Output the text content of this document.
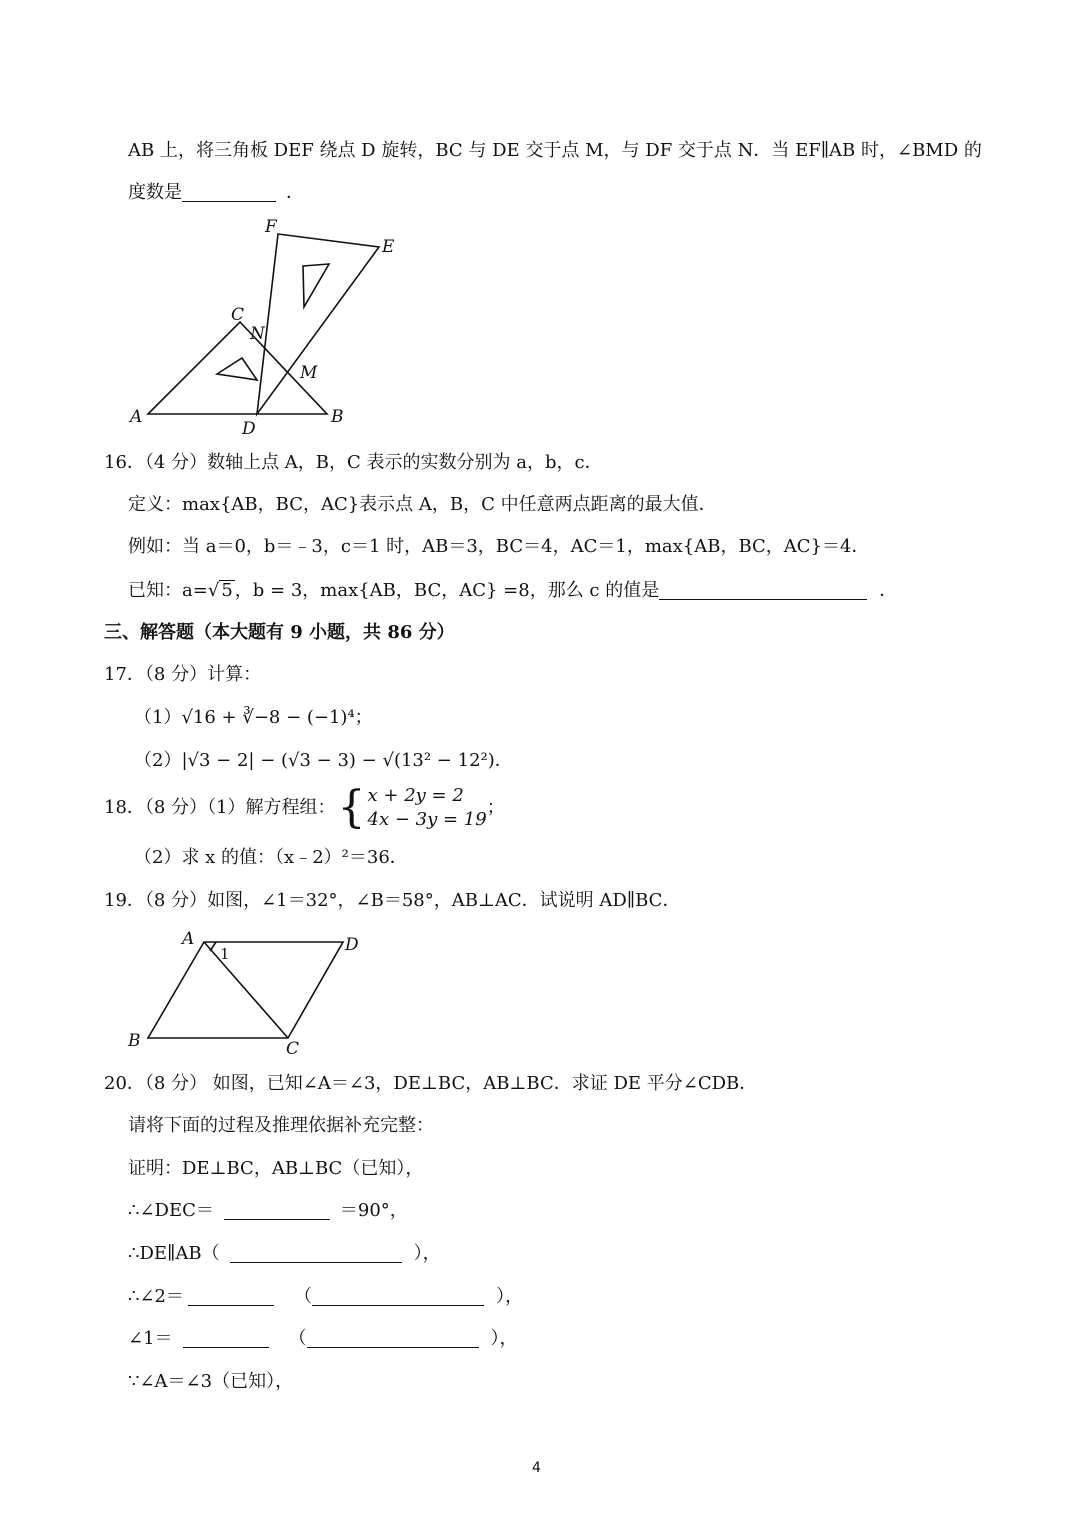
AB 上，将三角板 DEF 绕点 D 旋转，BC 与 DE 交于点 M，与 DF 交于点 N．当 EF∥AB 时，∠BMD 的
度数是	．
F
E
C
N
M
A	B
D
16．（4 分）数轴上点 A，B，C 表示的实数分别为 a，b，c．
定义：max{AB，BC，AC}表示点 A，B，C 中任意两点距离的最大值．
例如：当 a＝0，b＝﹣3，c＝1 时，AB＝3，BC＝4，AC＝1，max{AB，BC，AC}＝4．
已知：a=√ 5 ，b = 3，max{AB，BC，AC} =8，那么 c 的值是	．
三、解答题（本大题有 9 小题，共 86 分）
17．（8 分）计算：
（1）√16 + ∛−8 − (−1)⁴；
（2）|√3 − 2| − (√3 − 3) − √(13² − 12²)．
18．（8 分）（1）解方程组：{ x + 2y = 2
4x − 3y = 19
；
（2）求 x 的值：（x﹣2）²＝36．
19．（8 分）如图，∠1＝32°，∠B＝58°，AB⊥AC．试说明 AD∥BC．
A
1	D
B	C
20．（8 分） 如图，已知∠A＝∠3，DE⊥BC，AB⊥BC．求证 DE 平分∠CDB．
请将下面的过程及推理依据补充完整：
证明：DE⊥BC，AB⊥BC（已知），
∴∠DEC＝	＝90°，
∴DE∥AB（	），
∴∠2＝	（	），
∠1＝	（	），
∵∠A＝∠3（已知），
4
